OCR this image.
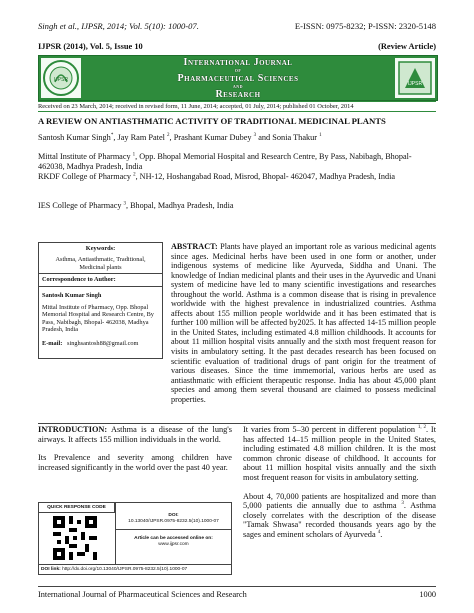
Singh et al., IJPSR, 2014; Vol. 5(10): 1000-07.	E-ISSN: 0975-8232; P-ISSN: 2320-5148
IJPSR (2014), Vol. 5, Issue 10	(Review Article)
IJPSR
International Journal
of
Pharmaceutical Sciences
and
Research
IJPSR
Received on 23 March, 2014; received in revised form, 11 June, 2014; accepted, 01 July, 2014; published 01 October, 2014
A REVIEW ON ANTIASTHMATIC ACTIVITY OF TRADITIONAL MEDICINAL PLANTS
Santosh Kumar Singh*, Jay Ram Patel $^2$, Prashant Kumar Dubey $^3$ and Sonia Thakur $^1$
Mittal Institute of Pharmacy $^1$, Opp. Bhopal Memorial Hospital and Research Centre, By Pass, Nabibagh, Bhopal- 462038, Madhya Pradesh, India
RKDF College of Pharmacy $^2$, NH-12, Hoshangabad Road, Misrod, Bhopal- 462047, Madhya Pradesh, India
IES College of Pharmacy $^3$, Bhopal, Madhya Pradesh, India
Keywords:
Asthma, Antiasthmatic, Traditional, Medicinal plants
Correspondence to Author:
Santosh Kumar Singh
Mittal Institute of Pharmacy, Opp. Bhopal Memorial Hospital and Research Centre, By Pass, Nabibagh, Bhopal- 462038, Madhya Pradesh, India
E-mail: singhsantosh88@gmail.com
ABSTRACT: Plants have played an important role as various medicinal agents since ages. Medicinal herbs have been used in one form or another, under indigenous systems of medicine like Ayurveda, Siddha and Unani. The knowledge of Indian medicinal plants and their uses in the Ayurvedic and Unani system of medicine have led to many scientific investigations and researches throughout the world. Asthma is a common disease that is rising in prevalence worldwide with the highest prevalence in industrialized countries. Asthma affects about 155 million people worldwide and it has been estimated that is further 100 million will be affected by2025. It has affected 14-15 million people in the United States, including estimated 4.8 million childhoods. It accounts for about 11 million hospital visits annually and the sixth most frequent reason for visits in ambulatory setting. It the past decades research has been focused on scientific evaluation of traditional drugs of pant origin for the treatment of various diseases. Since the time immemorial, various herbs are used as antiasthmatic with efficient therapeutic response. India has about 45,000 plant species and among them several thousand are claimed to possess medicinal properties.

INTRODUCTION: Asthma is a disease of the lung's airways. It affects 155 million individuals in the world.

Its Prevalence and severity among children have increased significantly in the world over the past 40 year.

It varies from 5–30 percent in different population $^{1, 2}$. It has affected 14–15 million people in the United States, including estimated 4.8 million children. It is the most common chronic disease of childhood. It accounts for about 11 million hospital visits annually and the sixth most frequent reason for visits in ambulatory setting.

About 4, 70,000 patients are hospitalized and more than 5,000 patients die annually due to asthma $^3$. Asthma closely correlates with the description of the disease "Tamak Shwasa" recorded thousands years ago by the sages and eminent scholars of Ayurveda $^4$.

QUICK RESPONSE CODE
DOI:
10.13040/IJPSR.0975-8232.5(10).1000-07
Article can be accessed online on:
www.ijpsr.com
DOI link: http://dx.doi.org/10.13040/IJPSR.0975-8232.5(10).1000-07
International Journal of Pharmaceutical Sciences and Research	1000
